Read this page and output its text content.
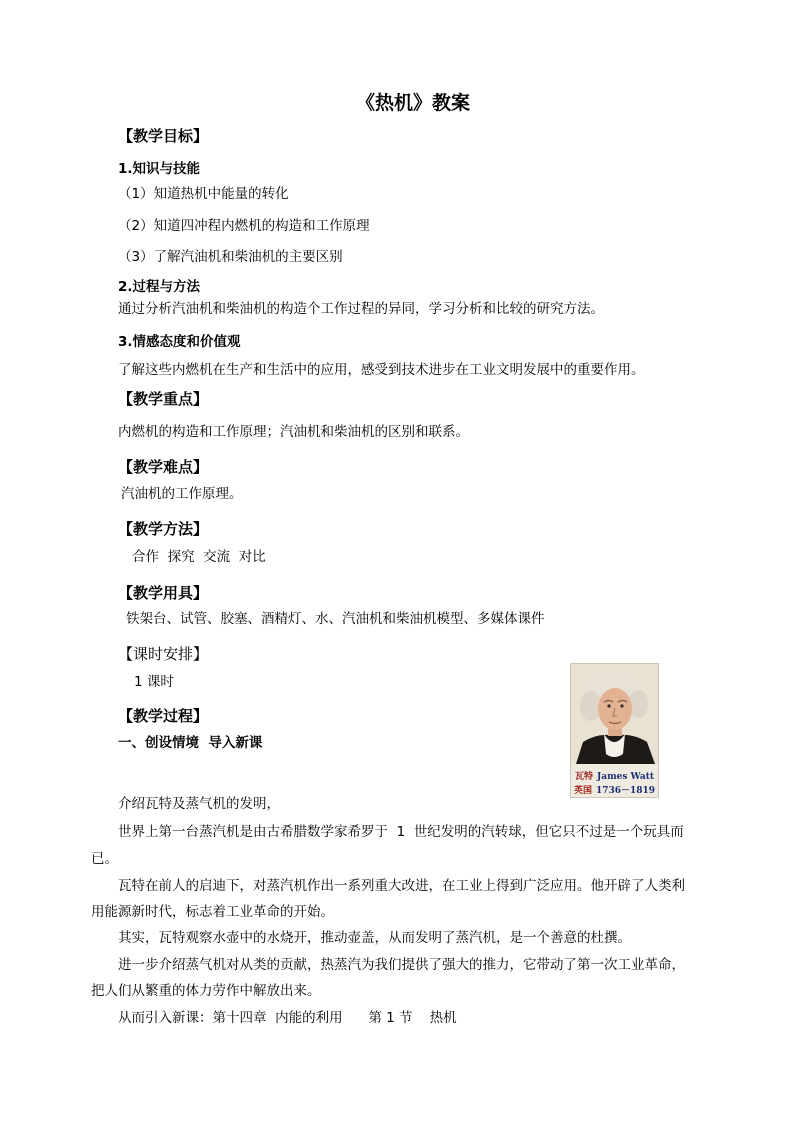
《热机》教案
【教学目标】
1.知识与技能
（1）知道热机中能量的转化
（2）知道四冲程内燃机的构造和工作原理
（3）了解汽油机和柴油机的主要区别
2.过程与方法
通过分析汽油机和柴油机的构造个工作过程的异同，学习分析和比较的研究方法。
3.情感态度和价值观
了解这些内燃机在生产和生活中的应用，感受到技术进步在工业文明发展中的重要作用。
【教学重点】
内燃机的构造和工作原理；汽油机和柴油机的区别和联系。
【教学难点】
汽油机的工作原理。
【教学方法】
合作  探究  交流  对比
【教学用具】
铁架台、试管、胶塞、酒精灯、水、汽油机和柴油机模型、多媒体课件
【课时安排】
1 课时
【教学过程】
一、创设情境  导入新课
介绍瓦特及蒸气机的发明，
世界上第一台蒸汽机是由古希腊数学家希罗于  1  世纪发明的汽转球，但它只不过是一个玩具而
已。
瓦特在前人的启迪下，对蒸汽机作出一系列重大改进，在工业上得到广泛应用。他开辟了人类利
用能源新时代，标志着工业革命的开始。
其实，瓦特观察水壶中的水烧开，推动壶盖，从而发明了蒸汽机，是一个善意的杜撰。
进一步介绍蒸气机对从类的贡献，热蒸汽为我们提供了强大的推力，它带动了第一次工业革命，
把人们从繁重的体力劳作中解放出来。
从而引入新课：第十四章  内能的利用      第 1 节    热机
瓦特 James Watt
英国 1736－1819
